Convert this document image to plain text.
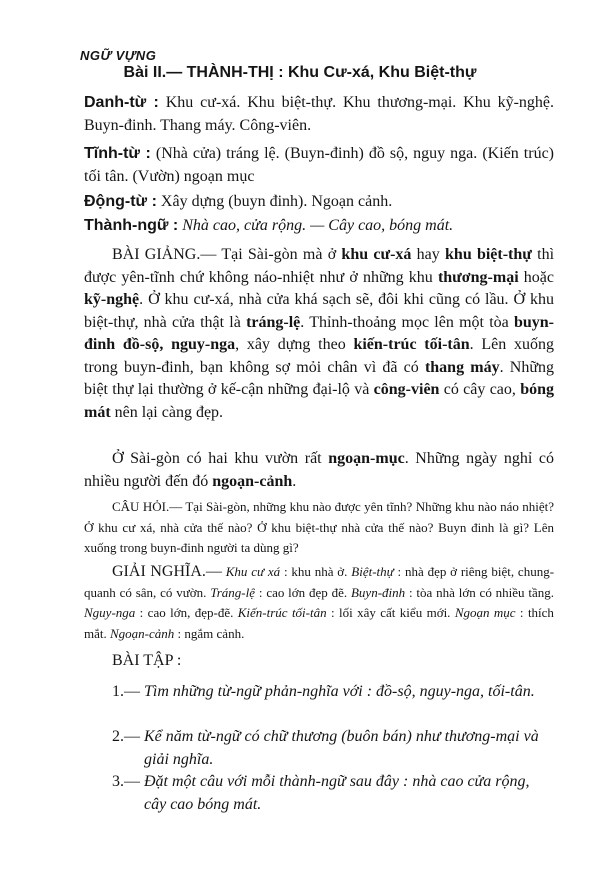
NGỮ VỰNG
Bài II.— THÀNH-THỊ : Khu Cư-xá, Khu Biệt-thự
Danh-từ : Khu cư-xá. Khu biệt-thự. Khu thương-mại. Khu kỹ-nghệ. Buyn-đinh. Thang máy. Công-viên.
Tĩnh-từ : (Nhà cửa) tráng lệ. (Buyn-đinh) đồ sộ, nguy nga. (Kiến trúc) tối tân. (Vườn) ngoạn mục
Động-từ : Xây dựng (buyn đinh). Ngoạn cảnh.
Thành-ngữ : Nhà cao, cửa rộng. — Cây cao, bóng mát.
BÀI GIẢNG.— Tại Sài-gòn mà ở khu cư-xá hay khu biệt-thự thì được yên-tĩnh chứ không náo-nhiệt như ở những khu thương-mại hoặc kỹ-nghệ. Ở khu cư-xá, nhà cửa khá sạch sẽ, đôi khi cũng có lầu. Ở khu biệt-thự, nhà cửa thật là tráng-lệ. Thỉnh-thoảng mọc lên một tòa buyn-đinh đồ-sộ, nguy-nga, xây dựng theo kiến-trúc tối-tân. Lên xuống trong buyn-đinh, bạn không sợ mỏi chân vì đã có thang máy. Những biệt thự lại thường ở kế-cận những đại-lộ và công-viên có cây cao, bóng mát nên lại càng đẹp.
Ở Sài-gòn có hai khu vườn rất ngoạn-mục. Những ngày nghỉ có nhiều người đến đó ngoạn-cảnh.
CÂU HỎI.— Tại Sài-gòn, những khu nào được yên tĩnh? Những khu nào náo nhiệt? Ở khu cư xá, nhà cửa thế nào? Ở khu biệt-thự nhà cửa thế nào? Buyn đinh là gì? Lên xuống trong buyn-đinh người ta dùng gì?
GIẢI NGHĨA.— Khu cư xá : khu nhà ở. Biệt-thự : nhà đẹp ở riêng biệt, chung-quanh có sân, có vườn. Tráng-lệ : cao lớn đẹp đẽ. Buyn-đinh : tòa nhà lớn có nhiều tầng. Nguy-nga : cao lớn, đẹp-đẽ. Kiến-trúc tối-tân : lối xây cất kiểu mới. Ngoạn mục : thích mắt. Ngoạn-cảnh : ngắm cảnh.
BÀI TẬP :
1.— Tìm những từ-ngữ phản-nghĩa với : đồ-sộ, nguy-nga, tối-tân.
2.— Kể năm từ-ngữ có chữ thương (buôn bán) như thương-mại và giải nghĩa.
3.— Đặt một câu với mỗi thành-ngữ sau đây : nhà cao cửa rộng, cây cao bóng mát.
